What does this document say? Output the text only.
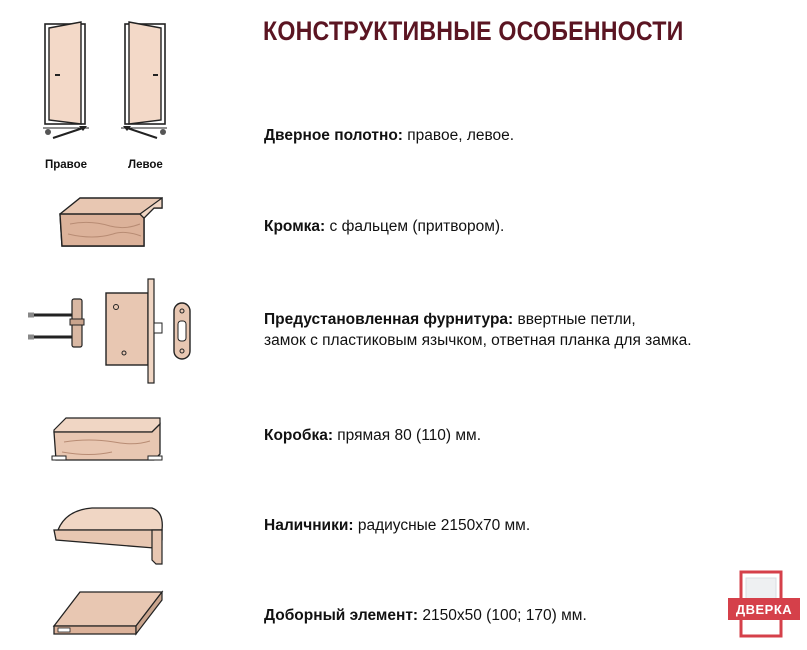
КОНСТРУКТИВНЫЕ ОСОБЕННОСТИ
Правое	Левое
Дверное полотно: правое, левое.
Кромка: с фальцем (притвором).
Предустановленная фурнитура: ввертные петли,
замок с пластиковым язычком, ответная планка для замка.
Коробка: прямая 80 (110) мм.
Наличники: радиусные 2150х70 мм.
Доборный элемент: 2150х50 (100; 170) мм.	ДВЕРКА
